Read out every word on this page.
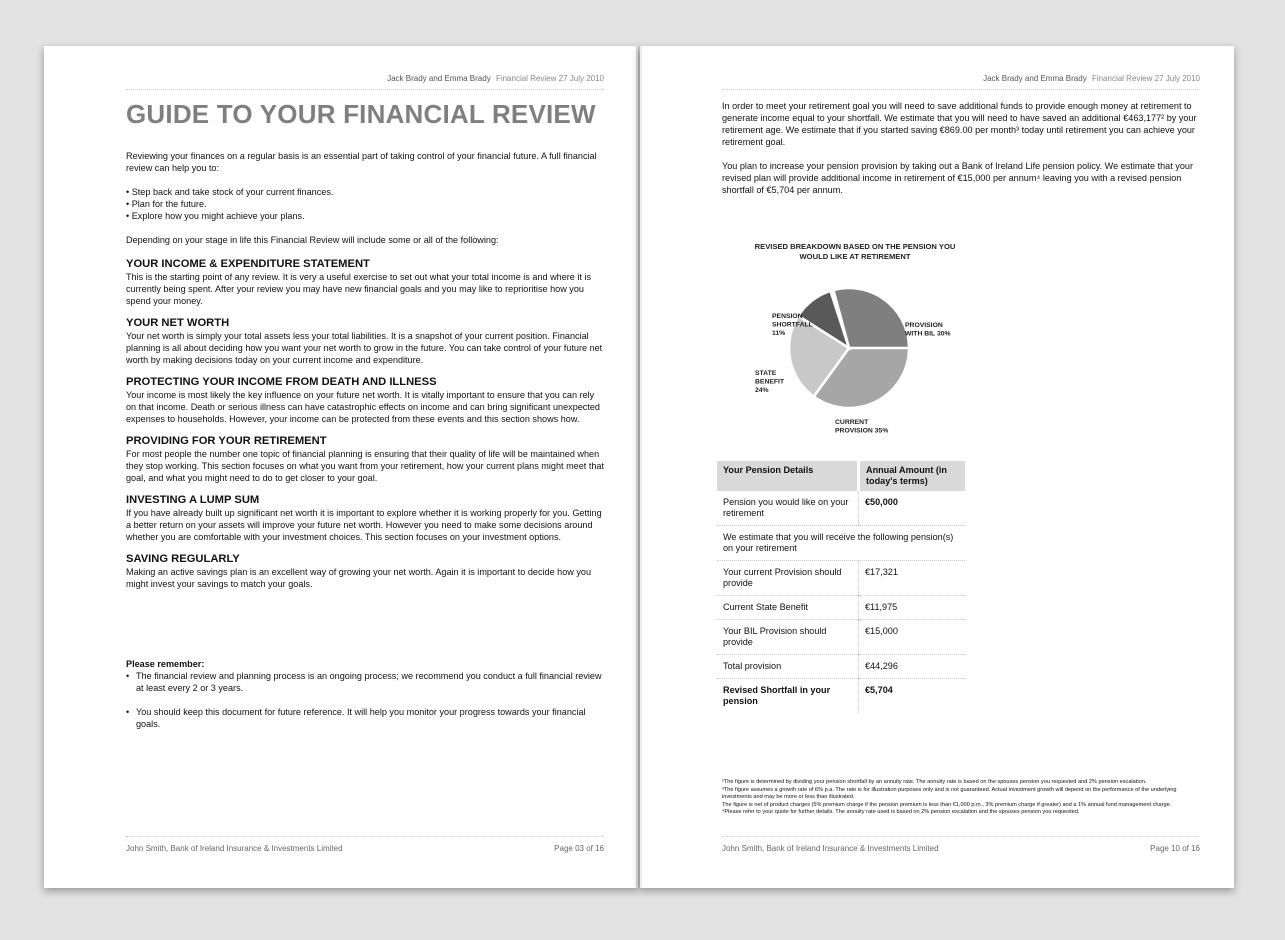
Jack Brady and Emma Brady Financial Review 27 July 2010
GUIDE TO YOUR FINANCIAL REVIEW

Reviewing your finances on a regular basis is an essential part of taking control of your financial future. A full financial review can help you to:

• Step back and take stock of your current finances.
• Plan for the future.
• Explore how you might achieve your plans.

Depending on your stage in life this Financial Review will include some or all of the following:

YOUR INCOME & EXPENDITURE STATEMENT

This is the starting point of any review. It is very a useful exercise to set out what your total income is and where it is currently being spent. After your review you may have new financial goals and you may like to reprioritise how you spend your money.

YOUR NET WORTH

Your net worth is simply your total assets less your total liabilities. It is a snapshot of your current position. Financial planning is all about deciding how you want your net worth to grow in the future. You can take control of your future net worth by making decisions today on your current income and expenditure.

PROTECTING YOUR INCOME FROM DEATH AND ILLNESS

Your income is most likely the key influence on your future net worth. It is vitally important to ensure that you can rely on that income. Death or serious illness can have catastrophic effects on income and can bring significant unexpected expenses to households. However, your income can be protected from these events and this section shows how.

PROVIDING FOR YOUR RETIREMENT

For most people the number one topic of financial planning is ensuring that their quality of life will be maintained when they stop working. This section focuses on what you want from your retirement, how your current plans might meet that goal, and what you might need to do to get closer to your goal.

INVESTING A LUMP SUM

If you have already built up significant net worth it is important to explore whether it is working properly for you. Getting a better return on your assets will improve your future net worth. However you need to make some decisions around whether you are comfortable with your investment choices. This section focuses on your investment options.

SAVING REGULARLY

Making an active savings plan is an excellent way of growing your net worth. Again it is important to decide how you might invest your savings to match your goals.

Please remember:
• The financial review and planning process is an ongoing process; we recommend you conduct a full financial review at least every 2 or 3 years.
• You should keep this document for future reference. It will help you monitor your progress towards your financial goals.
John Smith, Bank of Ireland Insurance & Investments Limited	Page 03 of 16
Jack Brady and Emma Brady Financial Review 27 July 2010

In order to meet your retirement goal you will need to save additional funds to provide enough money at retirement to generate income equal to your shortfall. We estimate that you will need to have saved an additional €463,177² by your retirement age. We estimate that if you started saving €869.00 per month³ today until retirement you can achieve your retirement goal.

You plan to increase your pension provision by taking out a Bank of Ireland Life pension policy. We estimate that your revised plan will provide additional income in retirement of €15,000 per annum⁴ leaving you with a revised pension shortfall of €5,704 per annum.

REVISED BREAKDOWN BASED ON THE PENSION YOU WOULD LIKE AT RETIREMENT
PROVISION WITH BIL 30%
CURRENT PROVISION 35%
STATE BENEFIT 24%
PENSION SHORTFALL 11%
Your Pension Details	Annual Amount (in today's terms)
Pension you would like on your retirement	€50,000
We estimate that you will receive the following pension(s) on your retirement	
Your current Provision should provide	€17,321
Current State Benefit	€11,975
Your BIL Provision should provide	€15,000
Total provision	€44,296
Revised Shortfall in your pension	€5,704
²The figure is determined by dividing your pension shortfall by an annuity rate. The annuity rate is based on the spouses pension you requested and 2% pension escalation.
³The figure assumes a growth rate of 6% p.a. The rate is for illustration purposes only and is not guaranteed. Actual investment growth will depend on the performance of the underlying investments and may be more or less than illustrated.
The figure is net of product charges (5% premium charge if the pension premium is less than €1,000 p.m., 3% premium charge if greater) and a 1% annual fund management charge.
⁴Please refer to your quote for further details. The annuity rate used is based on 2% pension escalation and the spouses pension you requested.
John Smith, Bank of Ireland Insurance & Investments Limited	Page 10 of 16
